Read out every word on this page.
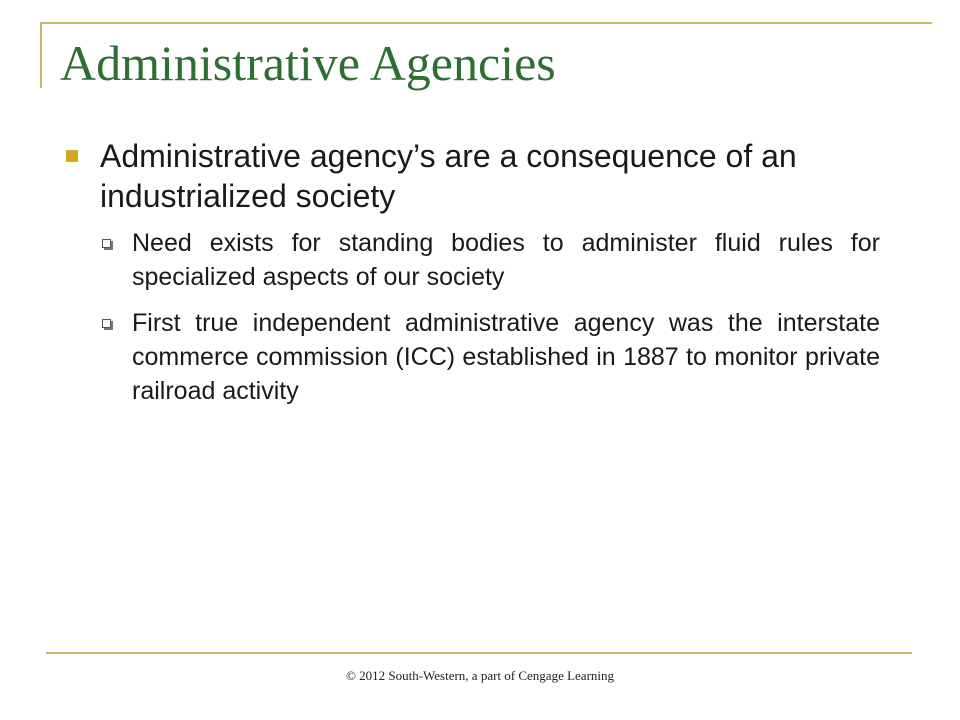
Administrative Agencies
Administrative agency’s are a consequence of an industrialized society
Need exists for standing bodies to administer fluid rules for specialized aspects of our society
First true independent administrative agency was the interstate commerce commission (ICC) established in 1887 to monitor private railroad activity
© 2012 South-Western, a part of Cengage Learning
